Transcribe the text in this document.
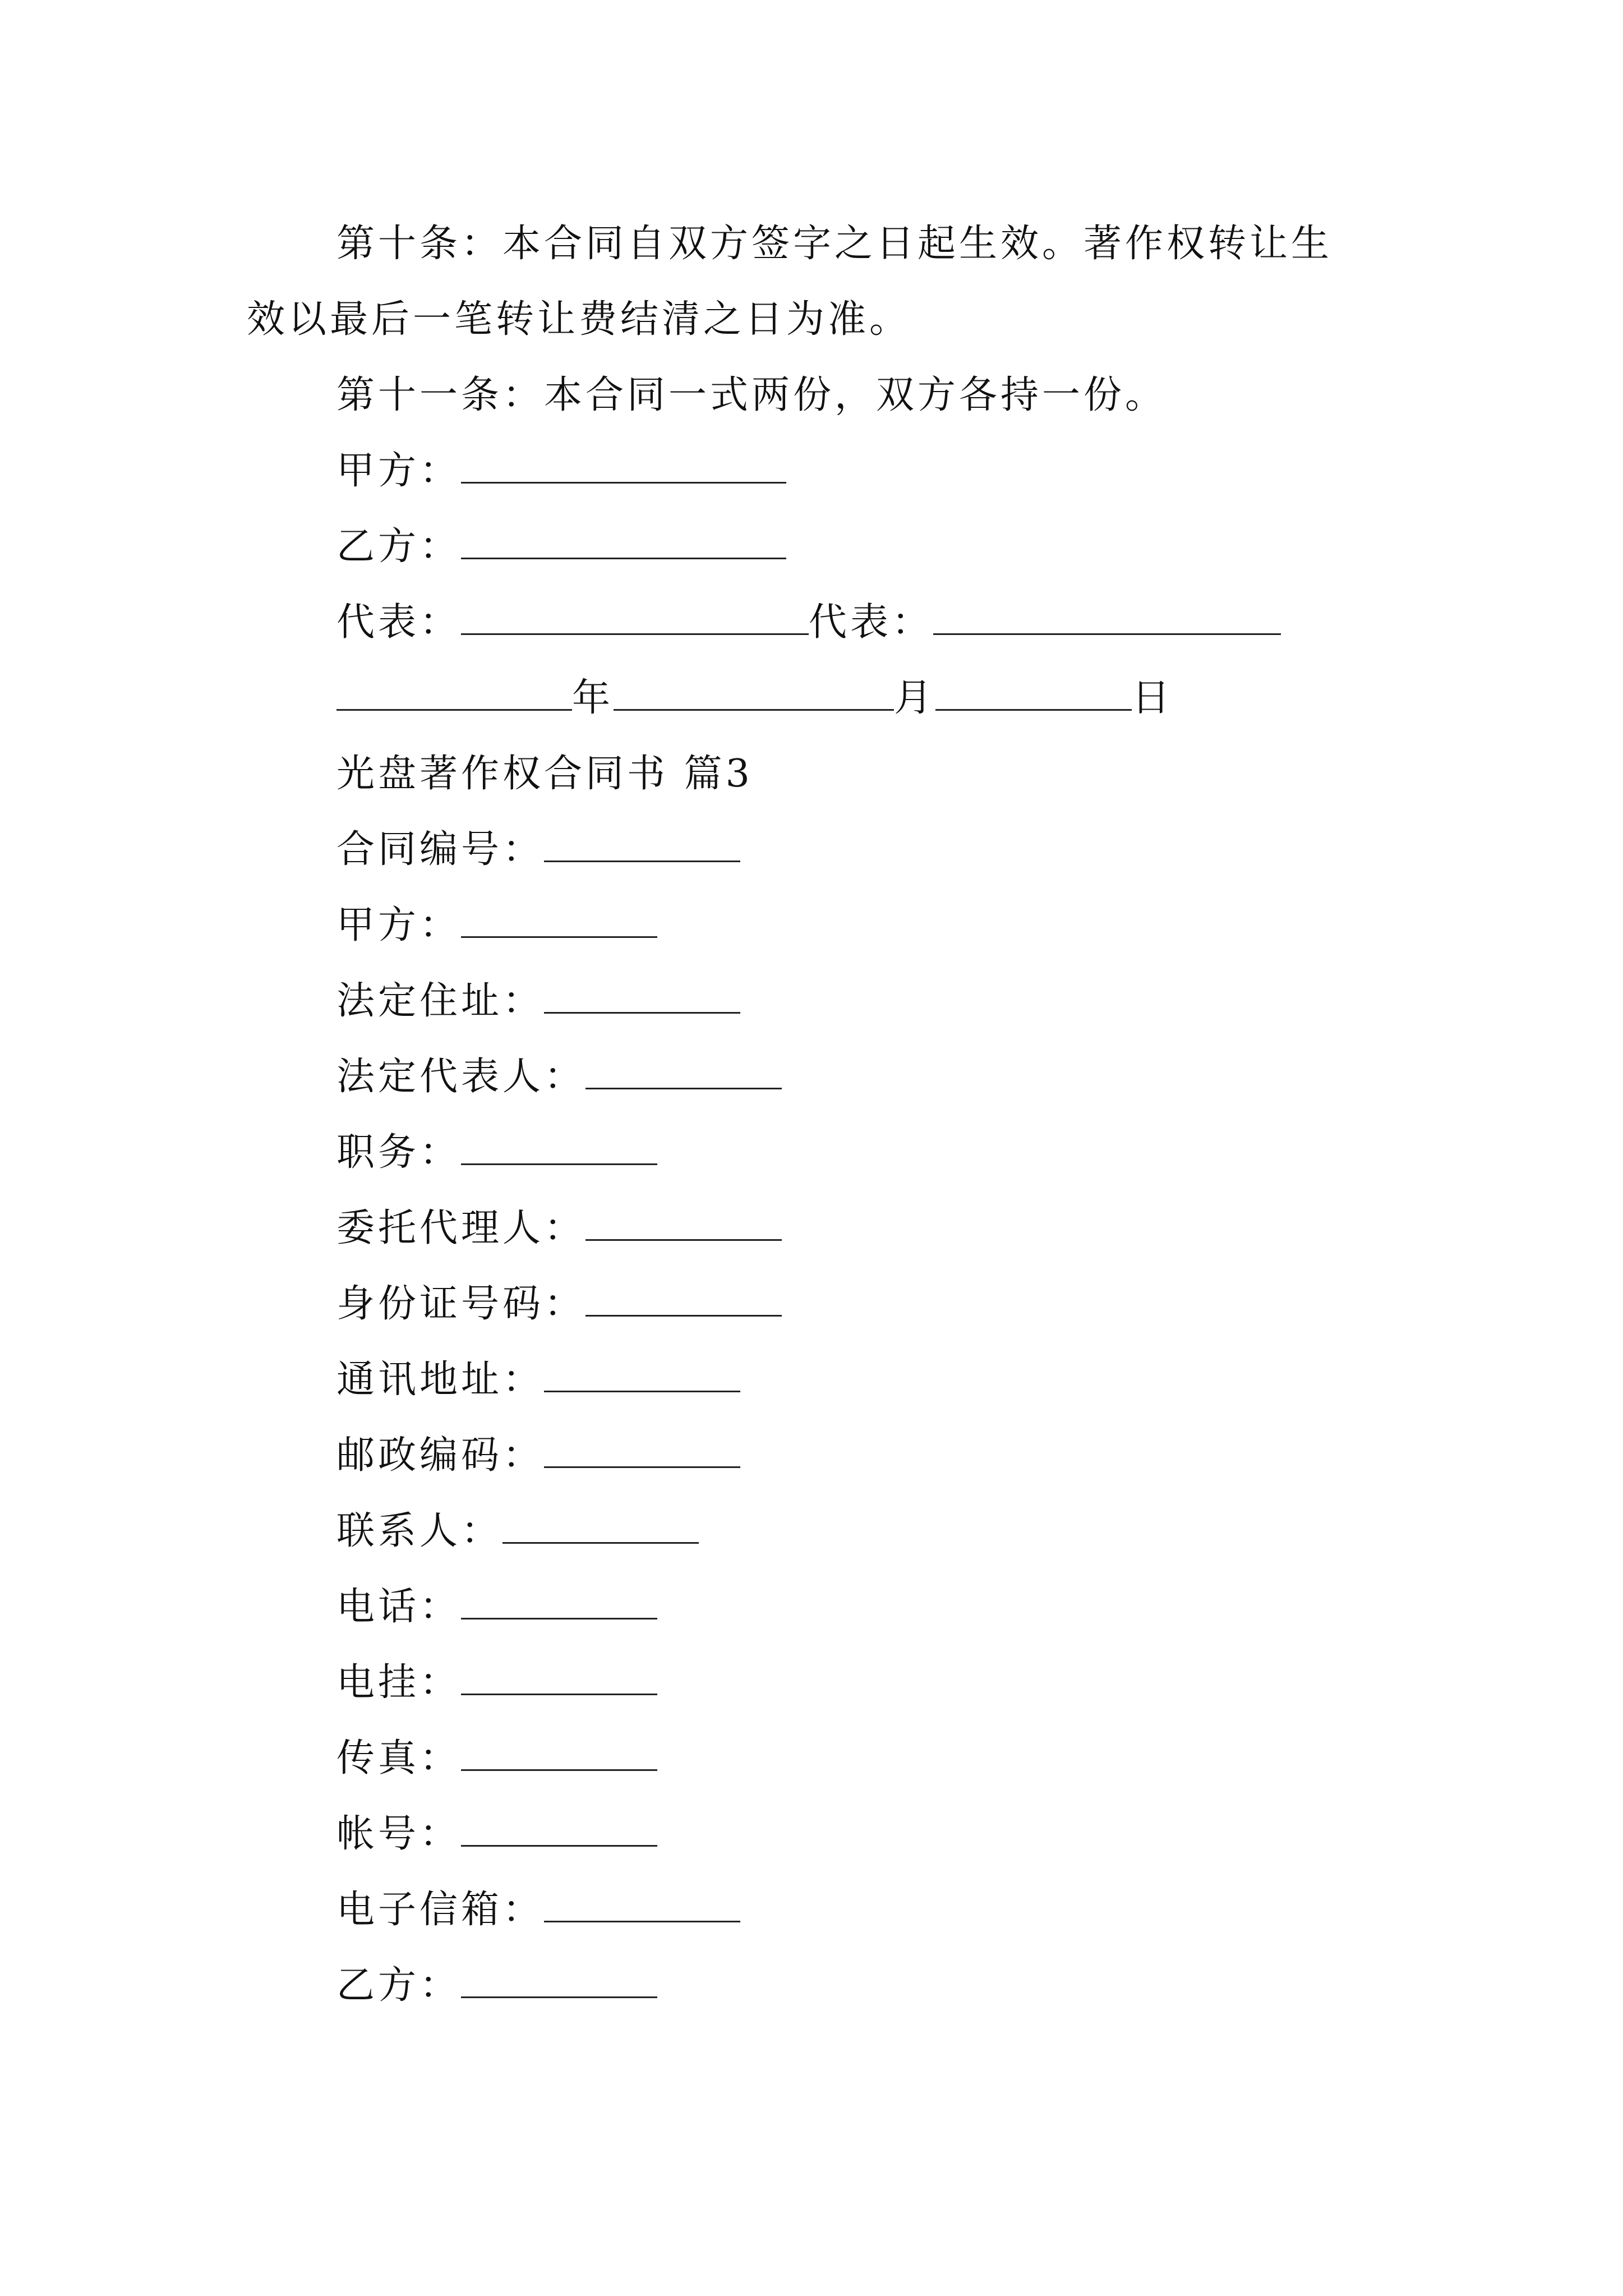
第十条：本合同自双方签字之日起生效。著作权转让生
效以最后一笔转让费结清之日为准。
第十一条：本合同一式两份，双方各持一份。
甲方：
乙方：
代表：	代表：
年	月	日
光盘著作权合同书 篇3
合同编号：
甲方：
法定住址：
法定代表人：
职务：
委托代理人：
身份证号码：
通讯地址：
邮政编码：
联系人：
电话：
电挂：
传真：
帐号：
电子信箱：
乙方：
